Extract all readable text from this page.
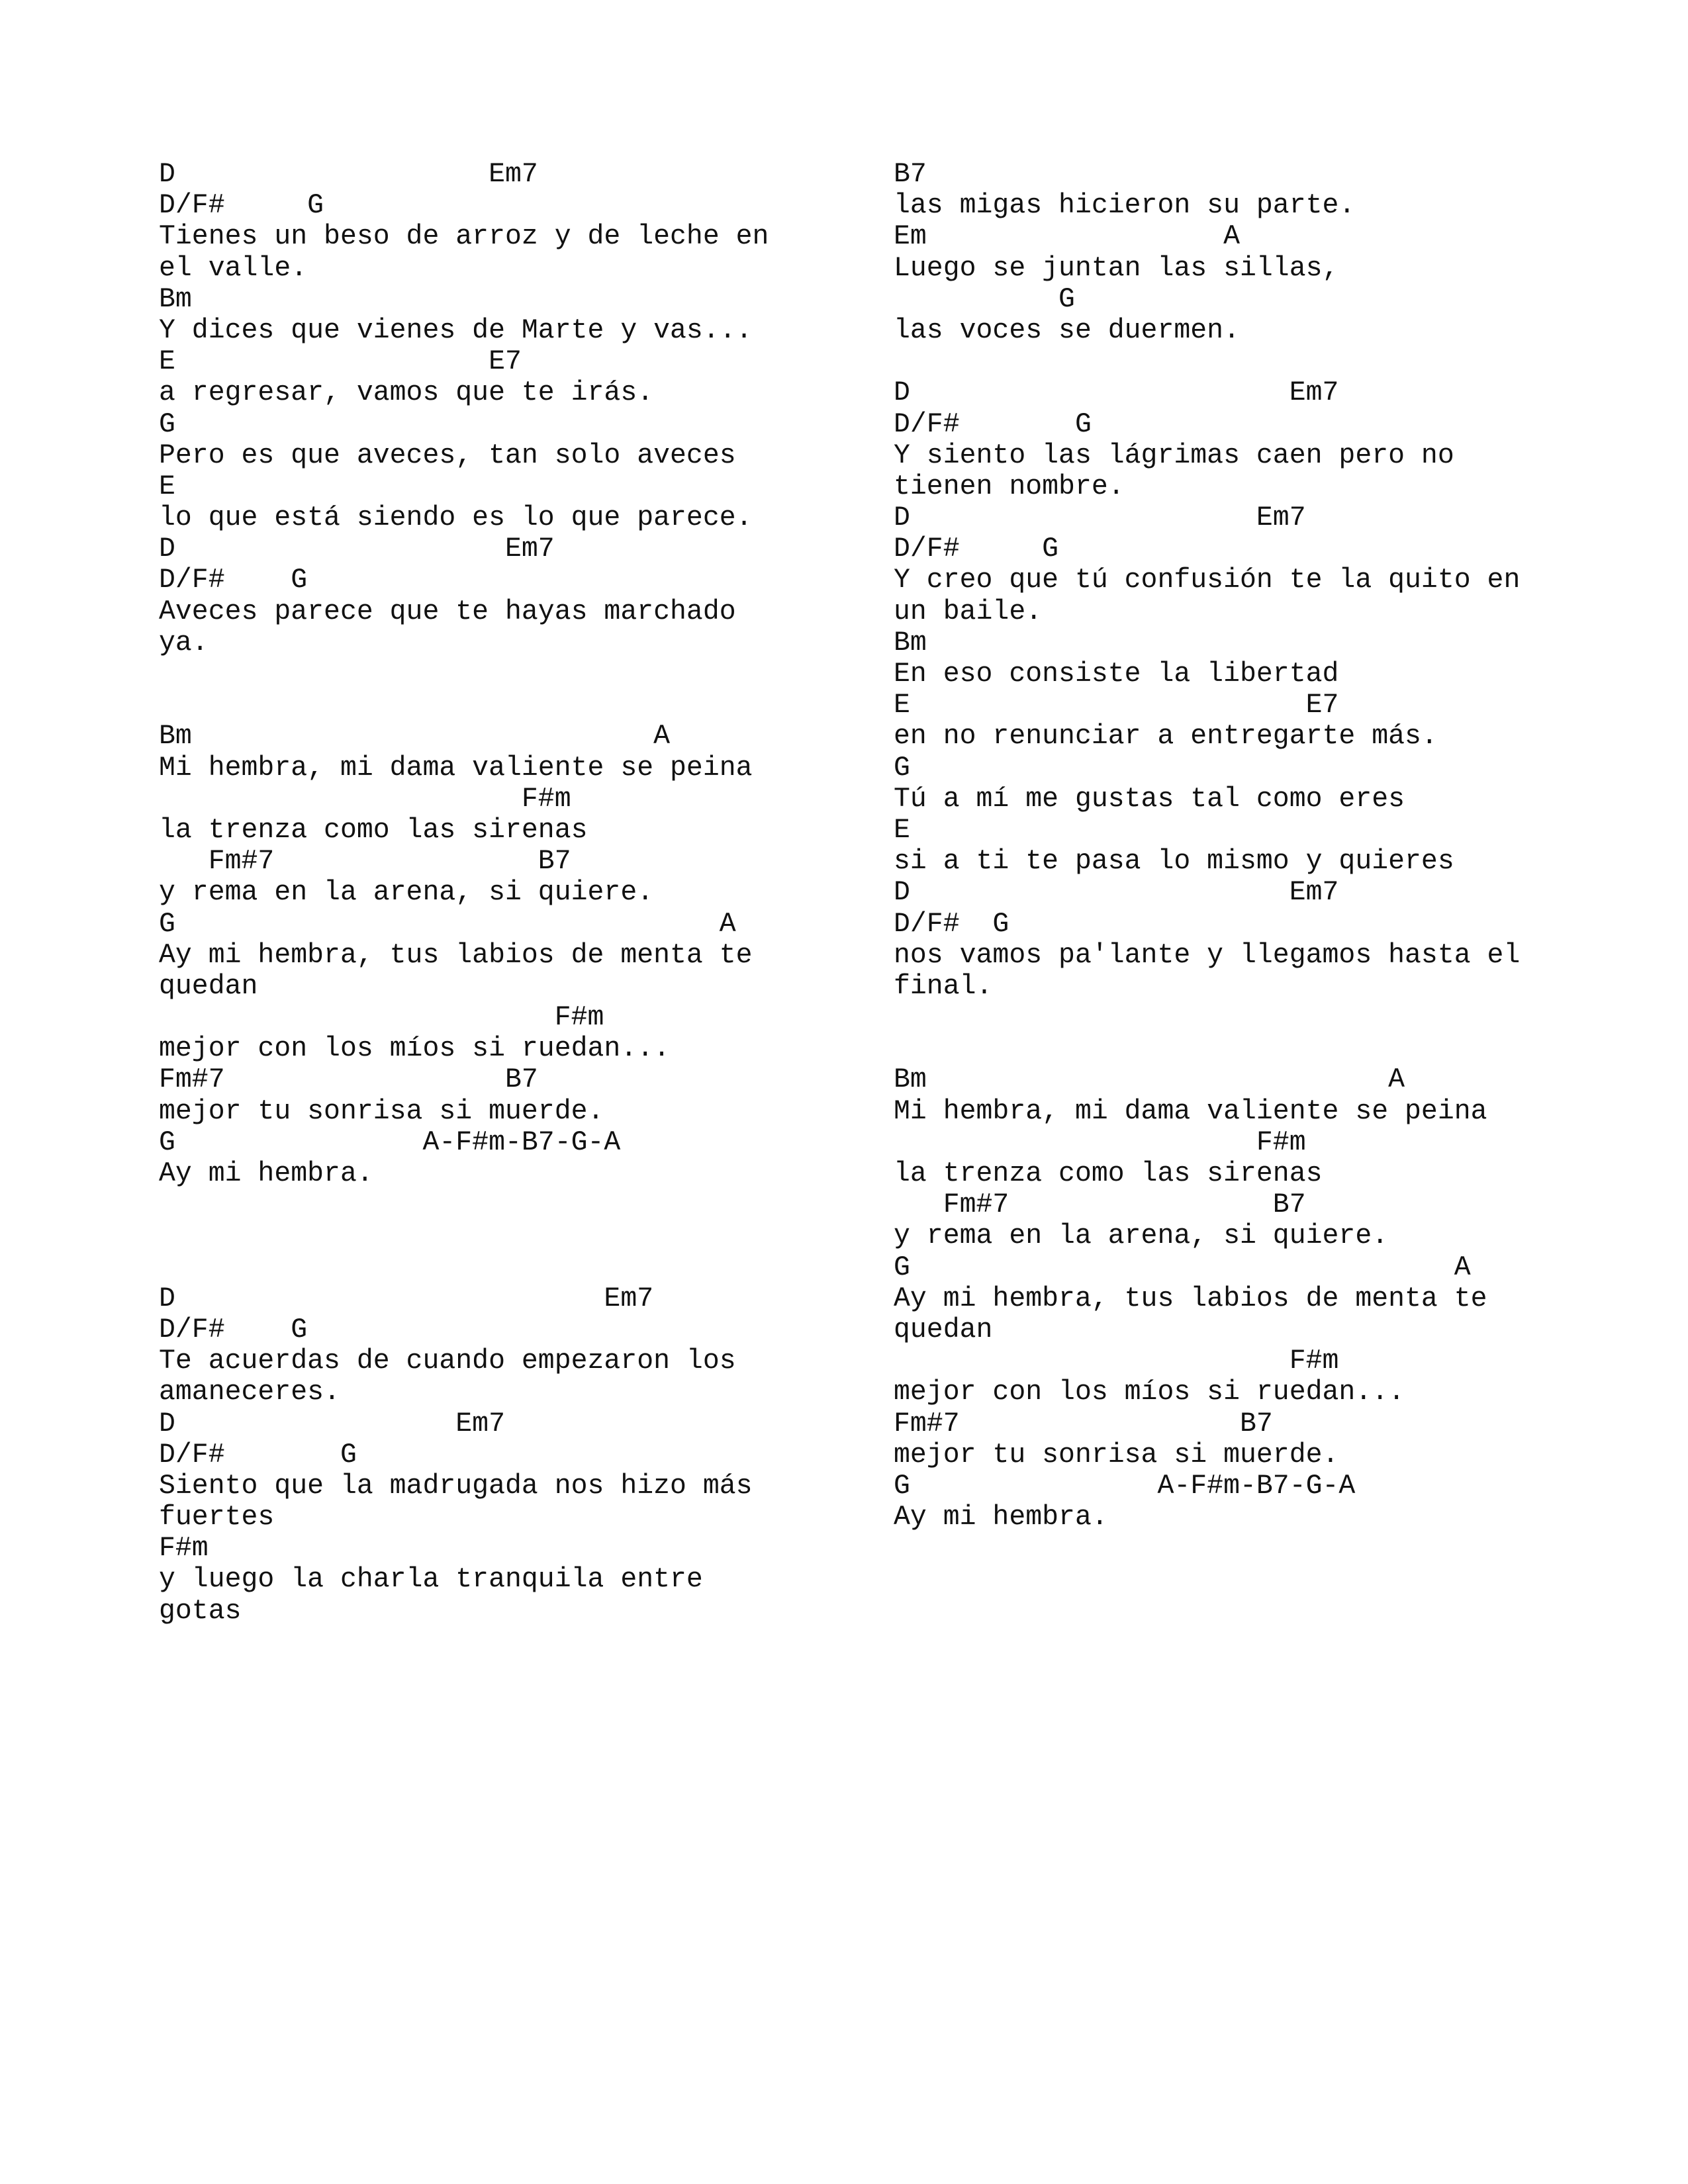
D                   Em7
D/F#     G
Tienes un beso de arroz y de leche en
el valle.
Bm
Y dices que vienes de Marte y vas...
E                   E7
a regresar, vamos que te irás.
G
Pero es que aveces, tan solo aveces
E
lo que está siendo es lo que parece.
D                    Em7
D/F#    G
Aveces parece que te hayas marchado
ya.
Bm                            A
Mi hembra, mi dama valiente se peina
F#m
la trenza como las sirenas
Fm#7                B7
y rema en la arena, si quiere.
G                                 A
Ay mi hembra, tus labios de menta te
quedan
F#m
mejor con los míos si ruedan...
Fm#7                 B7
mejor tu sonrisa si muerde.
G               A-F#m-B7-G-A
Ay mi hembra.
D                          Em7
D/F#    G
Te acuerdas de cuando empezaron los
amaneceres.
D                 Em7
D/F#       G
Siento que la madrugada nos hizo más
fuertes
F#m
y luego la charla tranquila entre
gotas
B7
las migas hicieron su parte.
Em                  A
Luego se juntan las sillas,
G
las voces se duermen.
D                       Em7
D/F#       G
Y siento las lágrimas caen pero no
tienen nombre.
D                     Em7
D/F#     G
Y creo que tú confusión te la quito en
un baile.
Bm
En eso consiste la libertad
E                        E7
en no renunciar a entregarte más.
G
Tú a mí me gustas tal como eres
E
si a ti te pasa lo mismo y quieres
D                       Em7
D/F#  G
nos vamos pa'lante y llegamos hasta el
final.
Bm                            A
Mi hembra, mi dama valiente se peina
F#m
la trenza como las sirenas
Fm#7                B7
y rema en la arena, si quiere.
G                                 A
Ay mi hembra, tus labios de menta te
quedan
F#m
mejor con los míos si ruedan...
Fm#7                 B7
mejor tu sonrisa si muerde.
G               A-F#m-B7-G-A
Ay mi hembra.
